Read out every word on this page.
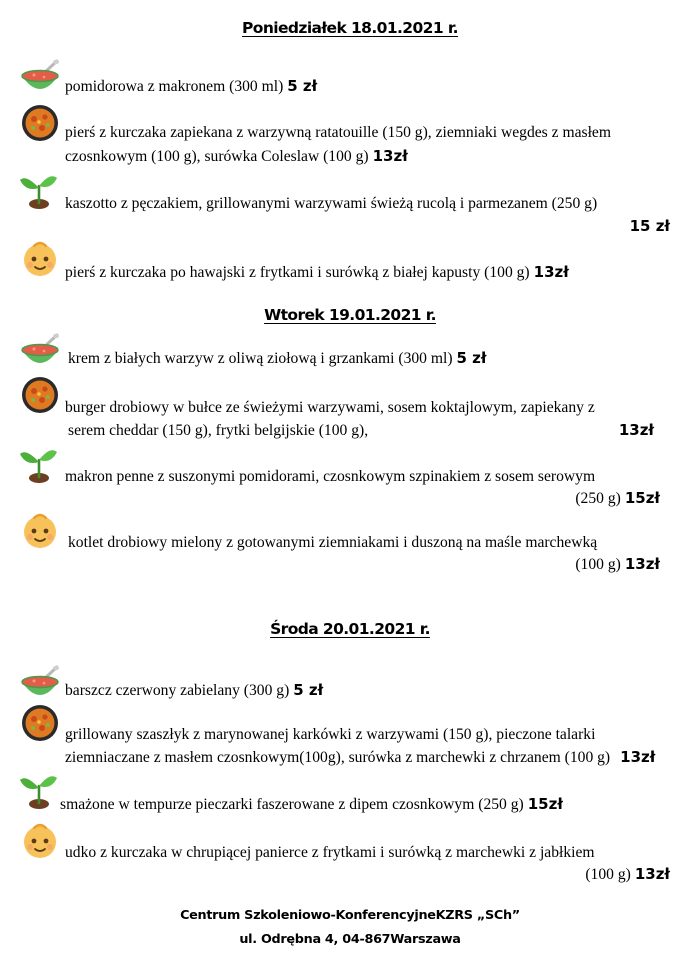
Poniedziałek 18.01.2021 r.
pomidorowa z makronem (300 ml) 5 zł
pierś z kurczaka zapiekana z warzywną ratatouille (150 g), ziemniaki wegdes z masłem
czosnkowym (100 g), surówka Coleslaw (100 g) 13zł
kaszotto z pęczakiem, grillowanymi warzywami świeżą rucolą i parmezanem (250 g)
15 zł
pierś z kurczaka po hawajski z frytkami i surówką z białej kapusty (100 g) 13zł
Wtorek 19.01.2021 r.
krem z białych warzyw z oliwą ziołową i grzankami (300 ml) 5 zł
burger drobiowy w bułce ze świeżymi warzywami, sosem koktajlowym, zapiekany z
serem cheddar (150 g), frytki belgijskie (100 g),	13zł
makron penne z suszonymi pomidorami, czosnkowym szpinakiem z sosem serowym
(250 g) 15zł
kotlet drobiowy mielony z gotowanymi ziemniakami i duszoną na maśle marchewką
(100 g) 13zł
Środa 20.01.2021 r.
barszcz czerwony zabielany (300 g) 5 zł
grillowany szaszłyk z marynowanej karkówki z warzywami (150 g), pieczone talarki
ziemniaczane z masłem czosnkowym(100g), surówka z marchewki z chrzanem (100 g) 13zł
smażone w tempurze pieczarki faszerowane z dipem czosnkowym (250 g) 15zł
udko z kurczaka w chrupiącej panierce z frytkami i surówką z marchewki z jabłkiem
(100 g) 13zł
Centrum Szkoleniowo-KonferencyjneKZRS „SCh”
ul. Odrębna 4, 04-867Warszawa
